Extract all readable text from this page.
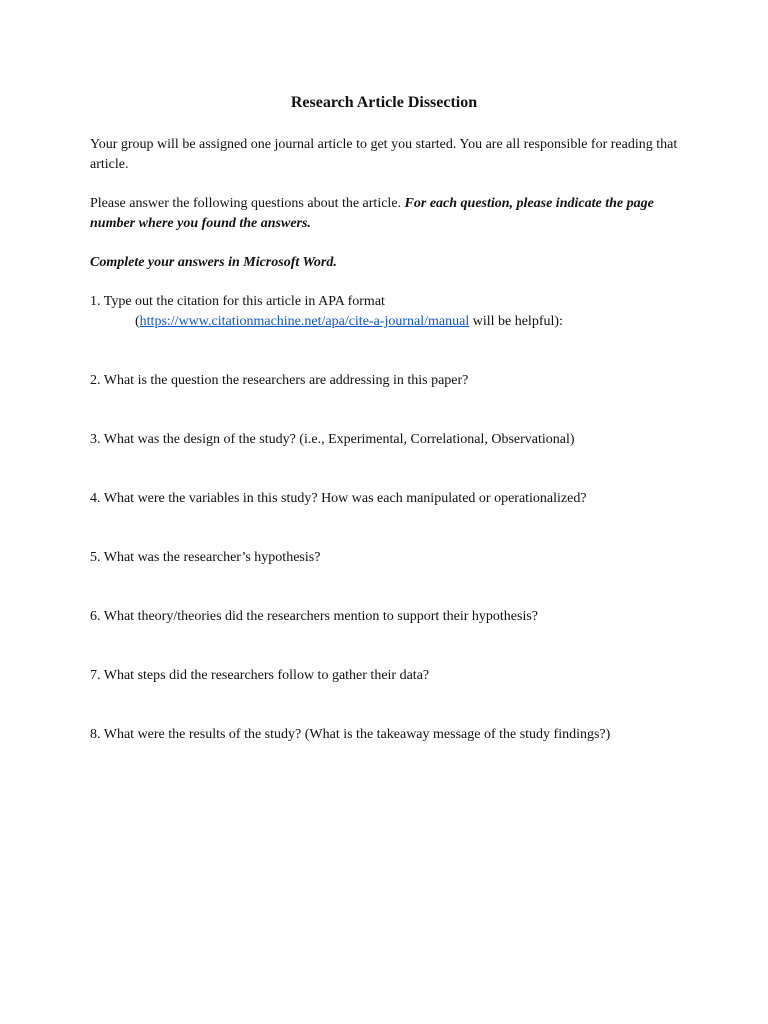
Research Article Dissection

Your group will be assigned one journal article to get you started. You are all responsible for reading that article.

Please answer the following questions about the article. For each question, please indicate the page number where you found the answers.

Complete your answers in Microsoft Word.

1. Type out the citation for this article in APA format

(https://www.citationmachine.net/apa/cite-a-journal/manual will be helpful):

2. What is the question the researchers are addressing in this paper?

3. What was the design of the study? (i.e., Experimental, Correlational, Observational)

4. What were the variables in this study? How was each manipulated or operationalized?

5. What was the researcher’s hypothesis?

6. What theory/theories did the researchers mention to support their hypothesis?

7. What steps did the researchers follow to gather their data?

8. What were the results of the study? (What is the takeaway message of the study findings?)
